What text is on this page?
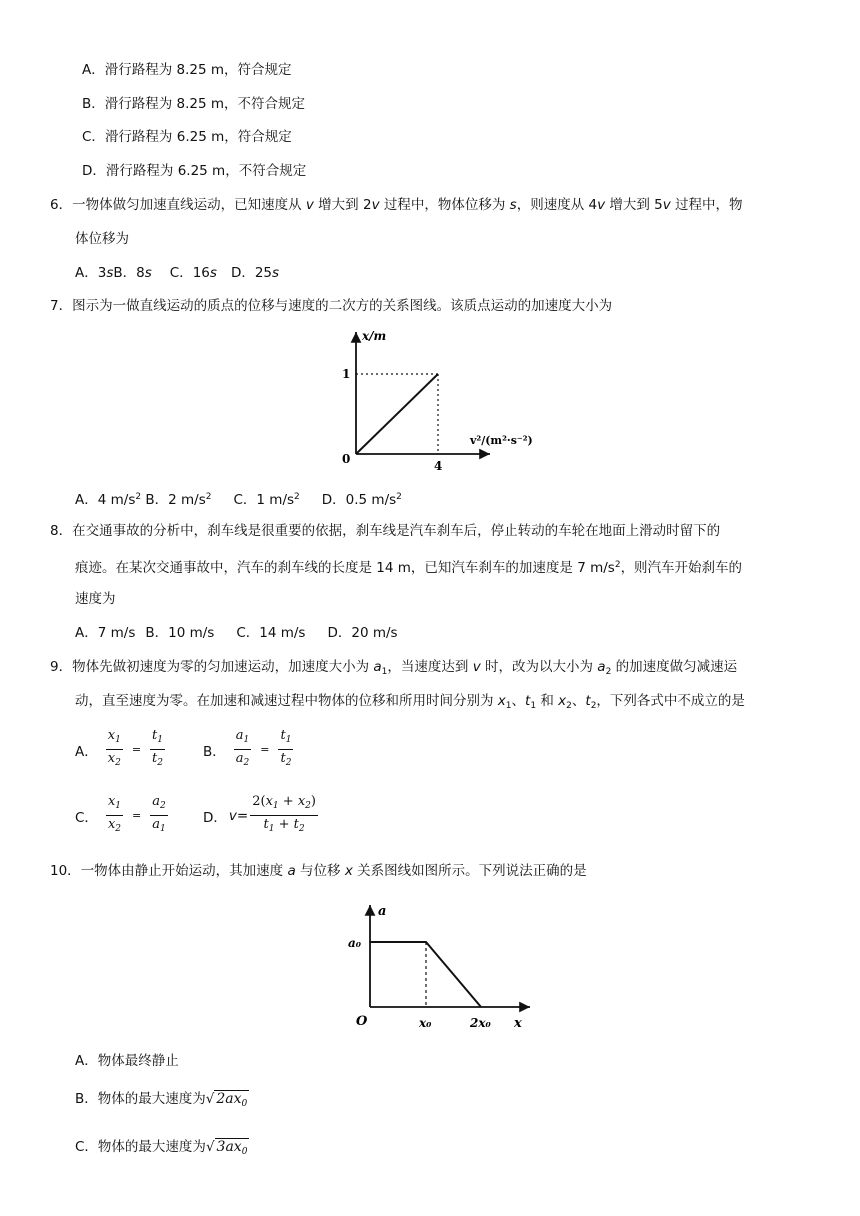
A．滑行路程为 8.25 m，符合规定
B．滑行路程为 8.25 m，不符合规定
C．滑行路程为 6.25 m，符合规定
D．滑行路程为 6.25 m，不符合规定
6．一物体做匀加速直线运动，已知速度从 v 增大到 2v 过程中，物体位移为 s，则速度从 4v 增大到 5v 过程中，物
体位移为
A．3sB．8s C．16s D．25s
7．图示为一做直线运动的质点的位移与速度的二次方的关系图线。该质点运动的加速度大小为
x/m
1
0	4
v²/(m²·s⁻²)
A．4 $m/s^2$ B．2 $m/s^2$ C．1 $m/s^2$ D．0.5 $m/s^2$
8．在交通事故的分析中，刹车线是很重要的依据，刹车线是汽车刹车后，停止转动的车轮在地面上滑动时留下的
痕迹。在某次交通事故中，汽车的刹车线的长度是 14 m，已知汽车刹车的加速度是 7 $m/s^2$，则汽车开始刹车的
速度为
A．7 m/s B．10 m/s C．14 m/s D．20 m/s
9．物体先做初速度为零的匀加速运动，加速度大小为 $a_1$，当速度达到 v 时，改为以大小为 $a_2$ 的加速度做匀减速运
动，直至速度为零。在加速和减速过程中物体的位移和所用时间分别为 $x_1$、$t_1$ 和 $x_2$、$t_2$，下列各式中不成立的是
A． $\frac{x_1}{x_2} = \frac{t_1}{t_2}$	B． $\frac{a_1}{a_2} = \frac{t_1}{t_2}$
C． $\frac{x_1}{x_2} = \frac{a_2}{a_1}$	D． $v= \frac{2(x_1 + x_2)}{t_1 + t_2}$
10．一物体由静止开始运动，其加速度 a 与位移 x 关系图线如图所示。下列说法正确的是
a
a₀
O	x₀	2x₀ x
A．物体最终静止
B．物体的最大速度为√ $2ax_0$
C．物体的最大速度为√ $3ax_0$
